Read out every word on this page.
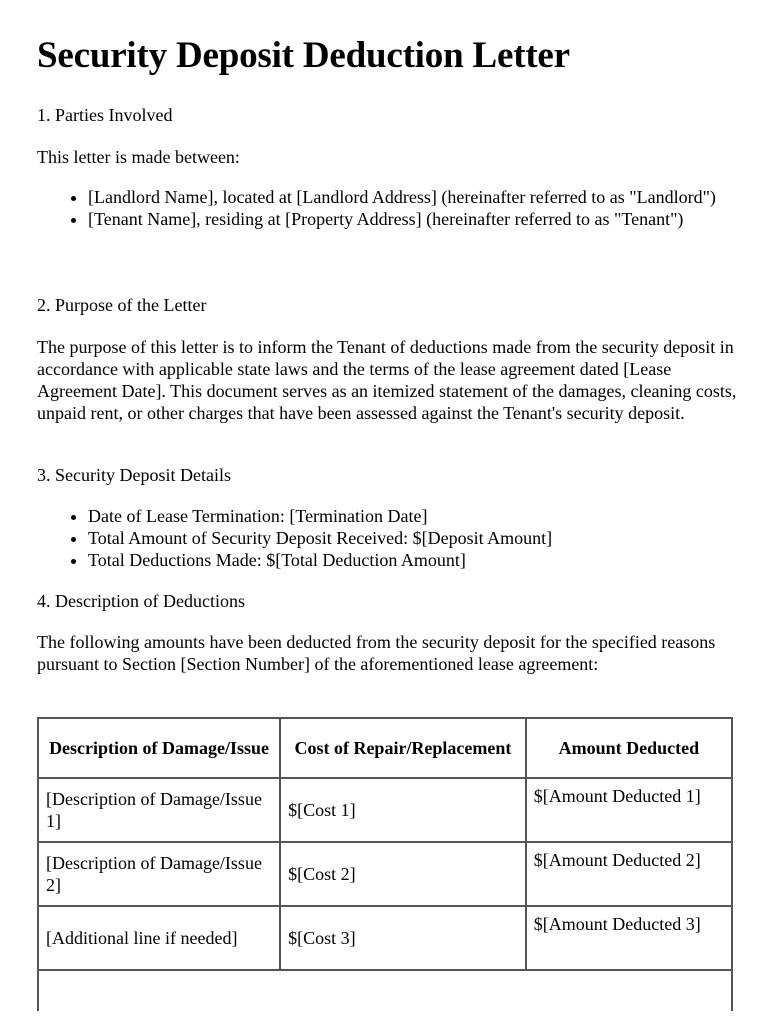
Security Deposit Deduction Letter

1. Parties Involved

This letter is made between:

• [Landlord Name], located at [Landlord Address] (hereinafter referred to as "Landlord")
• [Tenant Name], residing at [Property Address] (hereinafter referred to as "Tenant")

2. Purpose of the Letter

The purpose of this letter is to inform the Tenant of deductions made from the security deposit in accordance with applicable state laws and the terms of the lease agreement dated [Lease Agreement Date]. This document serves as an itemized statement of the damages, cleaning costs, unpaid rent, or other charges that have been assessed against the Tenant's security deposit.

3. Security Deposit Details

• Date of Lease Termination: [Termination Date]
• Total Amount of Security Deposit Received: $[Deposit Amount]
• Total Deductions Made: $[Total Deduction Amount]

4. Description of Deductions

The following amounts have been deducted from the security deposit for the specified reasons pursuant to Section [Section Number] of the aforementioned lease agreement:

Description of Damage/Issue	Cost of Repair/Replacement	Amount Deducted
[Description of Damage/Issue 1]	$[Cost 1]	$[Amount Deducted 1]
[Description of Damage/Issue 2]	$[Cost 2]	$[Amount Deducted 2]
[Additional line if needed]	$[Cost 3]	$[Amount Deducted 3]
